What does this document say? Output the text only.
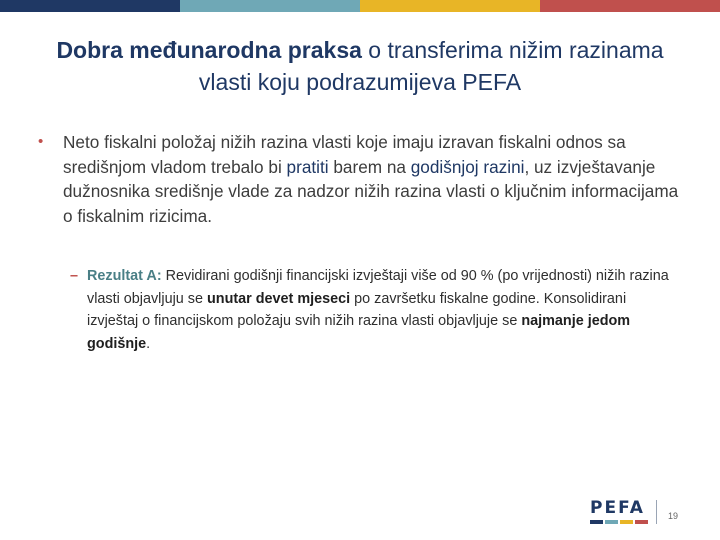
Dobra međunarodna praksa o transferima nižim razinama vlasti koju podrazumijeva PEFA
•	Neto fiskalni položaj nižih razina vlasti koje imaju izravan fiskalni odnos sa središnjom vladom trebalo bi pratiti barem na godišnjoj razini, uz izvještavanje dužnosnika središnje vlade za nadzor nižih razina vlasti o ključnim informacijama o fiskalnim rizicima.
– Rezultat A: Revidirani godišnji financijski izvještaji više od 90 % (po vrijednosti) nižih razina vlasti objavljuju se unutar devet mjeseci po završetku fiskalne godine. Konsolidirani izvještaj o financijskom položaju svih nižih razina vlasti objavljuje se najmanje jedom godišnje.
PEFA	19
